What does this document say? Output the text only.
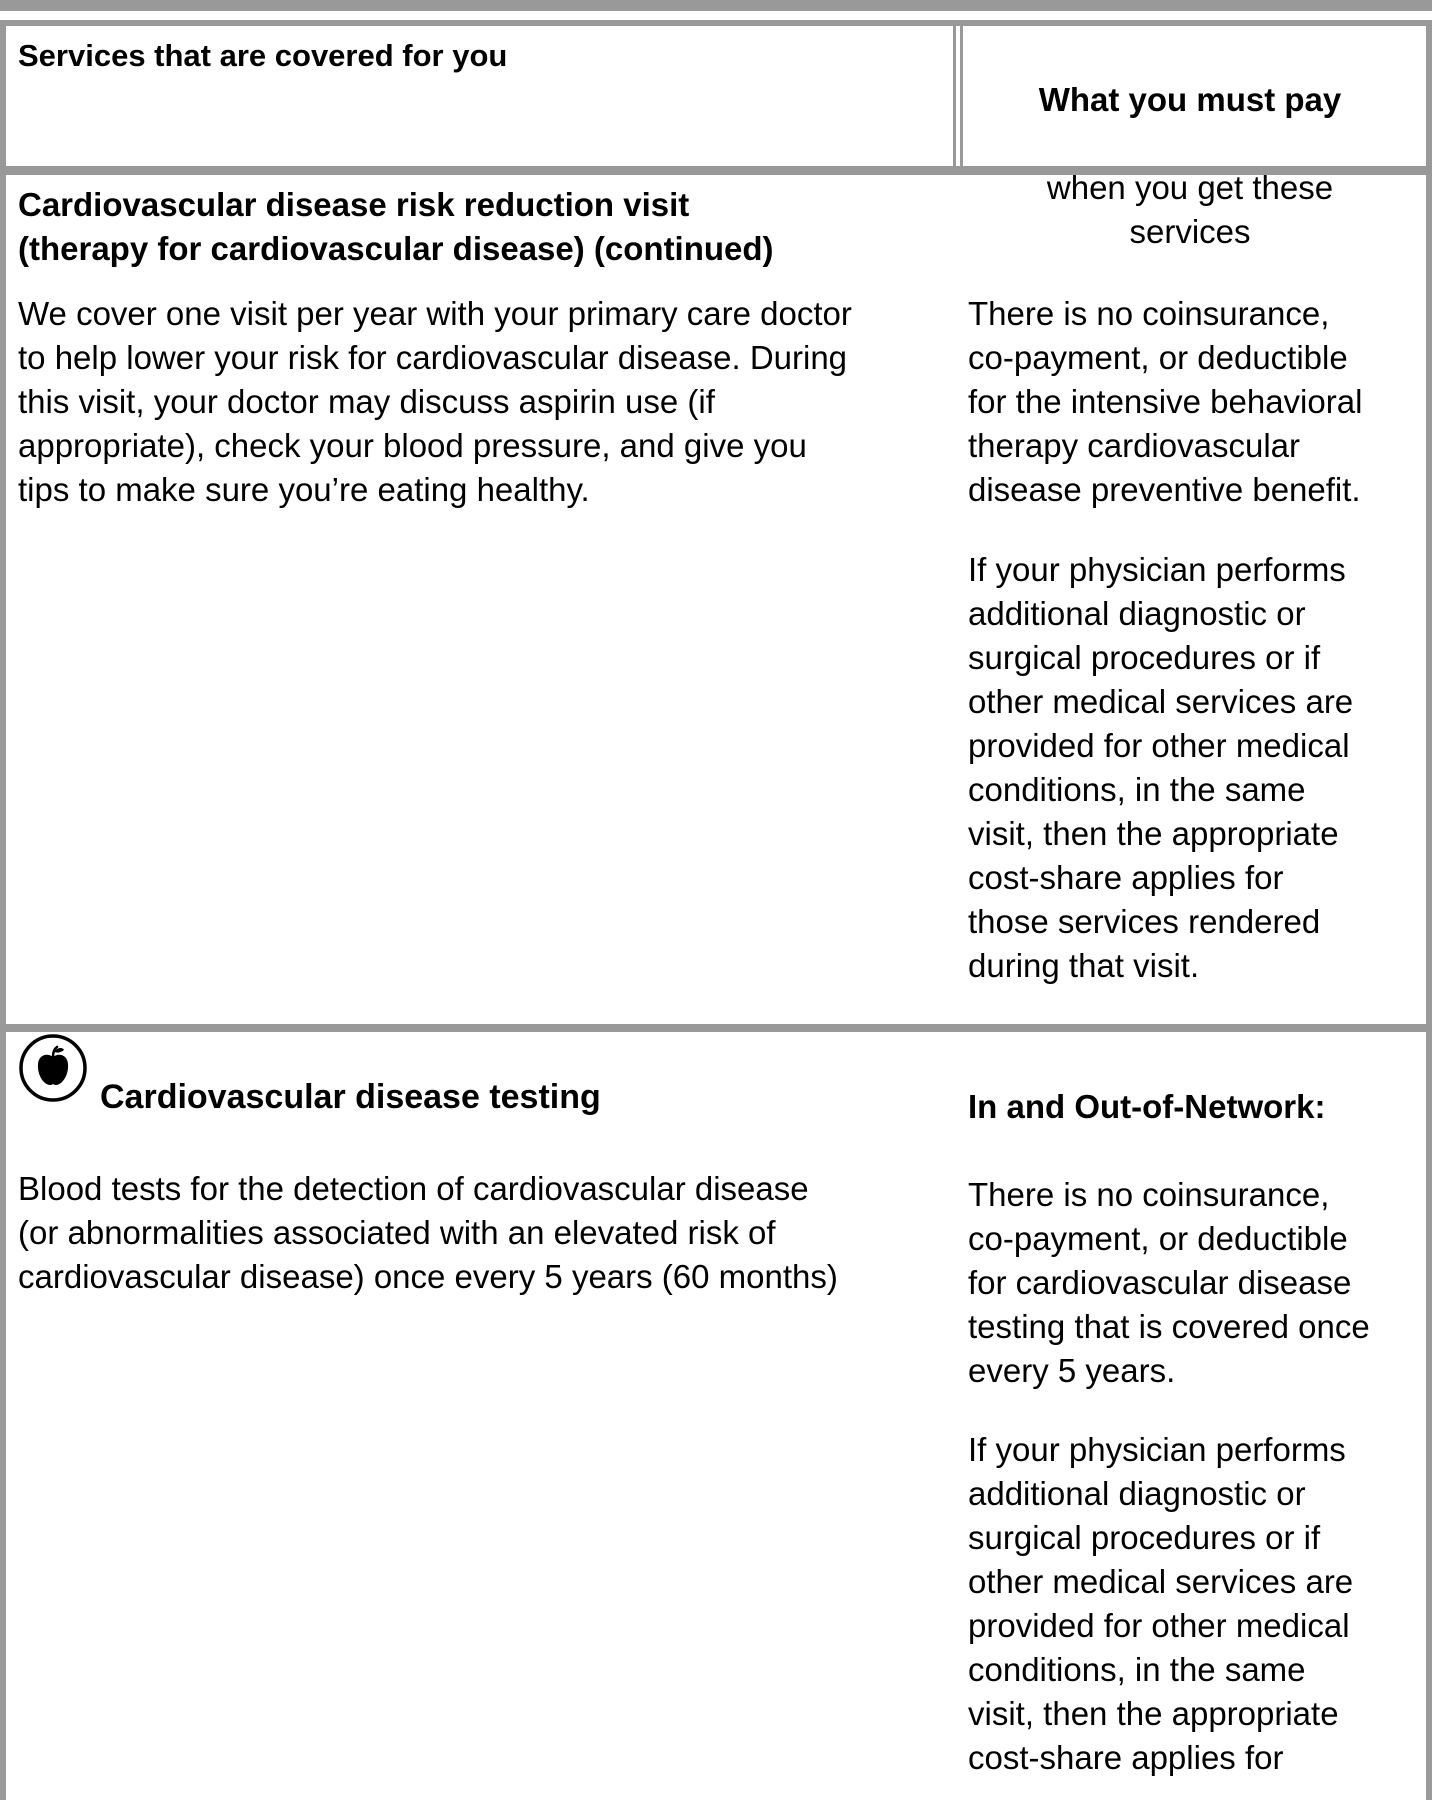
Services that are covered for you

What you must pay

when you get these
services

Cardiovascular disease risk reduction visit
(therapy for cardiovascular disease) (continued)
We cover one visit per year with your primary care doctor
to help lower your risk for cardiovascular disease. During
this visit, your doctor may discuss aspirin use (if
appropriate), check your blood pressure, and give you
tips to make sure you’re eating healthy.
There is no coinsurance,
co-payment, or deductible
for the intensive behavioral
therapy cardiovascular
disease preventive benefit.
If your physician performs
additional diagnostic or
surgical procedures or if
other medical services are
provided for other medical
conditions, in the same
visit, then the appropriate
cost-share applies for
those services rendered
during that visit.
Cardiovascular disease testing	In and Out-of-Network:
Blood tests for the detection of cardiovascular disease
(or abnormalities associated with an elevated risk of
cardiovascular disease) once every 5 years (60 months)
There is no coinsurance,
co-payment, or deductible
for cardiovascular disease
testing that is covered once
every 5 years.
If your physician performs
additional diagnostic or
surgical procedures or if
other medical services are
provided for other medical
conditions, in the same
visit, then the appropriate
cost-share applies for
